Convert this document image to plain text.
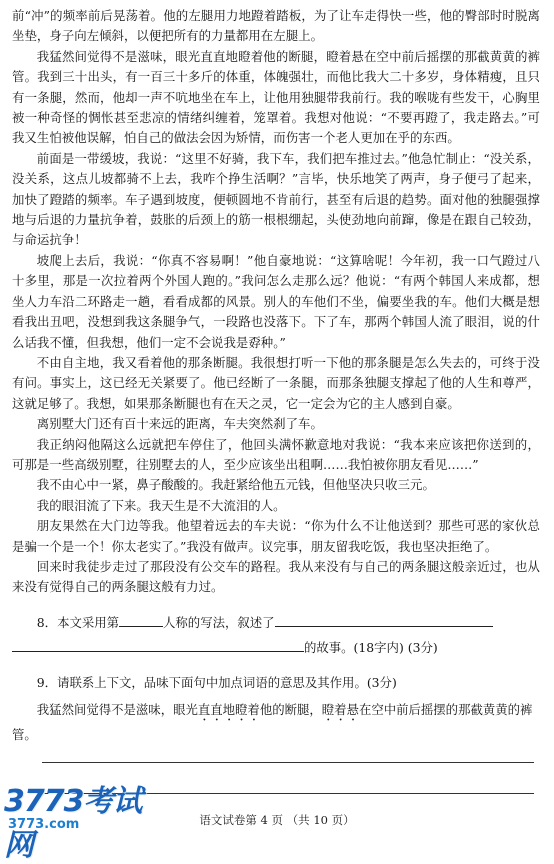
前“冲”的频率前后晃荡着。他的左腿用力地蹬着踏板，为了让车走得快一些，他的臀部时时脱离坐垫，身子向左倾斜，以便把所有的力量都用在左腿上。

我猛然间觉得不是滋味，眼光直直地瞪着他的断腿，瞪着悬在空中前后摇摆的那截黄黄的裤管。我到三十出头，有一百三十多斤的体重，体魄强壮，而他比我大二十多岁，身体精瘦，且只有一条腿，然而，他却一声不吭地坐在车上，让他用独腿带我前行。我的喉咙有些发干，心胸里被一种奇怪的惆怅甚至悲凉的情绪纠缠着，笼罩着。我想对他说：“不要再蹬了，我走路去。”可我又生怕被他误解，怕自己的做法会因为矫情，而伤害一个老人更加在乎的东西。

前面是一带缓坡，我说：“这里不好骑，我下车，我们把车推过去。”他急忙制止：“没关系，没关系，这点儿坡都骑不上去，我咋个挣生活啊？”言毕，快乐地笑了两声，身子便弓了起来，加快了蹬踏的频率。车子遇到坡度，便顿圆地不肯前行，甚至有后退的趋势。面对他的独腿强撑地与后退的力量抗争着，鼓胀的后颈上的筋一根根绷起，头使劲地向前蹿，像是在跟自己较劲，与命运抗争！

坡爬上去后，我说：“你真不容易啊！”他自豪地说：“这算啥呢！今年初，我一口气蹬过八十多里，那是一次拉着两个外国人跑的。”我问怎么走那么远？他说：“有两个韩国人来成都，想坐人力车沿二环路走一趟，看看成都的风景。别人的车他们不坐，偏要坐我的车。他们大概是想看我出丑吧，没想到我这条腿争气，一段路也没落下。下了车，那两个韩国人流了眼泪，说的什么话我不懂，但我想，他们一定不会说我是孬种。”

不由自主地，我又看着他的那条断腿。我很想打听一下他的那条腿是怎么失去的，可终于没有问。事实上，这已经无关紧要了。他已经断了一条腿，而那条独腿支撑起了他的人生和尊严，这就足够了。我想，如果那条断腿也有在天之灵，它一定会为它的主人感到自豪。

离别墅大门还有百十来远的距离，车夫突然刹了车。

我正纳闷他隔这么远就把车停住了，他回头满怀歉意地对我说：“我本来应该把你送到的，可那是一些高级别墅，往别墅去的人，至少应该坐出租啊……我怕被你朋友看见……”

我不由心中一紧，鼻子酸酸的。我赶紧给他五元钱，但他坚决只收三元。

我的眼泪流了下来。我天生是不大流泪的人。

朋友果然在大门边等我。他望着远去的车夫说：“你为什么不让他送到？那些可恶的家伙总是骗一个是一个！你太老实了。”我没有做声。议完事，朋友留我吃饭，我也坚决拒绝了。

回来时我徒步走过了那段没有公交车的路程。我从来没有与自己的两条腿这般亲近过，也从来没有觉得自己的两条腿这般有力过。

8．本文采用第	人称的写法，叙述了

的故事。(18字内) (3分)

9．请联系上下文，品味下面句中加点词语的意思及其作用。(3分)

我猛然间觉得不是滋味，眼光直直地瞪着他的断腿，瞪着悬在空中前后摇摆的那截黄黄的裤管。

3773考试网
3773.com	语文试卷第 4 页 （共 10 页）
